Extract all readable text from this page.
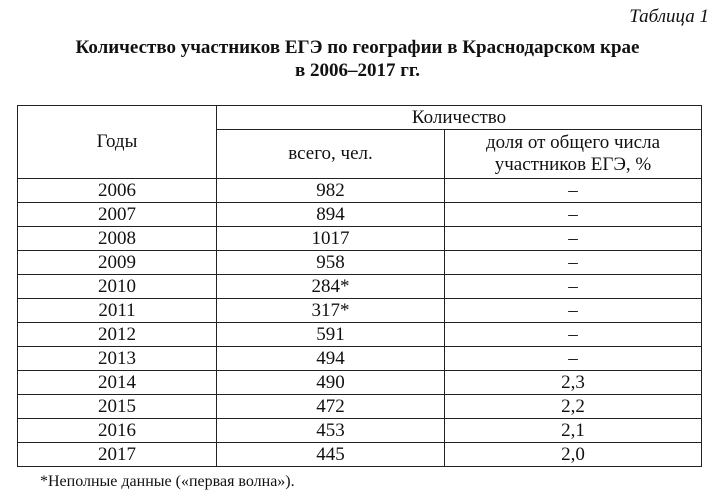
Таблица 1
Количество участников ЕГЭ по географии в Краснодарском крае
в 2006–2017 гг.
Годы	Количество	
	всего, чел.	доля от общего числа участников ЕГЭ, %
2006	982	–
2007	894	–
2008	1017	–
2009	958	–
2010	284*	–
2011	317*	–
2012	591	–
2013	494	–
2014	490	2,3
2015	472	2,2
2016	453	2,1
2017	445	2,0
*Неполные данные («первая волна»).
